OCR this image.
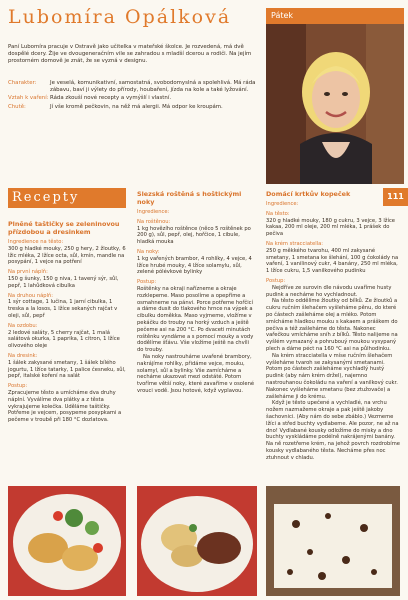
Lubomíra Opálková

Paní Lubomíra pracuje v Ostravě jako učitelka v mateřské školce. Je rozvedená, má dvě dospělé dcery. Žije ve dvougeneračním vile se zahradou s mladší dcerou a rodiči. Na jejím prostorném domově je znát, že se vyzná v designu.

Charakter:	Je veselá, komunikativní, samostatná, svobodomyslná a spolehlivá. Má ráda zábavu, baví ji výlety do přírody, houbaření, jízda na kole a také lyžování.
Vztah k vaření: Ráda zkouší nové recepty a vymýšlí i vlastní.
Chutě:	Jí vše kromě pečkovin, na něž má alergii. Má odpor ke kroupám.
Pátek
111
Recepty
Plněné taštičky se zeleninovou přízdobou a dresinkem
Ingredience na těsto:

300 g hladké mouky, 250 g hery, 2 žloutky, 6 lžic mléka, 2 lžíce octa, sůl, kmín, mandle na posypání, 1 vejce na potření

Na první náplň:

150 g šunky, 150 g niva, 1 tavený sýr, sůl, pepř, 1 lahůdková cibulka

Na druhou náplň:

1 sýr cottage, 1 lučina, 1 jarní cibulka, 1 treska a la losos, 1 lžíce sekaných rajčat v oleji, sůl, pepř

Na ozdobu:

2 ledové saláty, 5 cherry rajčat, 1 malá salátová okurka, 1 paprika, 1 citron, 1 lžíce olivového oleje

Na dresink:

1 šálek zakysané smetany, 1 šálek bílého jogurtu, 1 lžíce tatarky, 1 palice česneku, sůl, pepř, italské koření na salát

Postup:

Zpracujeme těsto a umícháme dva druhy náplní. Vyválíme dva plátky a z těsta vykrajujeme kolečka. Uděláme taštičky. Potřeme je vejcem, posypeme posypkami a pečeme v troubě při 180 °C dozlatova.

Slezská roštěná s hoštickými noky
Ingredience:
Na roštěnou:

1 kg hovězího roštěnce (něco 5 roštěnek po 200 g), sůl, pepř, olej, hořčice, 1 cibule, hladká mouka

Na noky:

1 kg vařených brambor, 4 rohlíky, 4 vejce, 4 lžíce hrubé mouky, 4 lžíce solamylu, sůl, zelené pólévkové bylinky

Postup:

Roštěnky na okraji nařízneme a okraje rozklepeme. Maso posolíme a opepříme a osmahneme na pánvi. Porce potřeme hořčicí a dáme dusit do tlakového hrnce na výpek a cibulku doměkka. Maso vyjmeme, vložíme v pekáčku do trouby na horký vzduch a ještě pečeme asi na 200 °C. Po dvaceti minutách roštěnku vyndáme a s pomocí mouky a vody dodělíme šťávu. Vše vložíme ještě na chvíli do trouby.

Na noky nastrouháme uvařené brambory, nakrájíme rohlíky, přidáme vejce, mouku, solamyl, sůl a bylinky. Vše zamícháme a necháme ukazovat mezi odstáté. Potom tvoříme větší noky, které zavaříme v osolené vrouci vodě. Jsou hotové, když vyplavou.

Domácí krtkův kopeček
Ingredience:
Na těsto:

320 g hladké mouky, 180 g cukru, 3 vejce, 3 lžíce kakaa, 200 ml oleje, 200 ml mléka, 1 prášek do pečiva

Na krém stracciatella:

250 g měkkého tvarohu, 400 ml zakysané smetany, 1 smetana ke šlehání, 100 g čokolády na vaření, 1 vanilinový cukr, 4 banány, 250 ml mléka, 1 lžíce cukru, 1,5 vanilkového pudinku

Postup:

Nejdříve ze surovin dle návodu uvaříme husty pudink a necháme ho vychladnout.

Na těsto oddělíme žloutky od bílků. Ze žloutků a cukru ručním šlehačem vyšleháme pěnu, do které po částech zašleháme olej a mléko. Potom smícháme hladkou mouku s kakaem a práškem do pečiva a též zašleháme do těsta. Nakonec vařečkou vmícháme sníh z bílků. Těsto nalijeme na vyšlém vymazaný a pohrubouý moukou vysypaný plech a dáme péct na 160 °C asi na půlhodinku.

Na krém stracciatella v míse ručním šlehačem vyšleháme tvaroh se zakysanými smetanami. Potom po částech zašleháme vychladlý hustý pudink (aby nám krém držel), najemno nastrouhanou čokoládu na vaření a vanilkový cukr. Nakonec vyšleháme smetanu (bez ztužovače) a zašleháme ji do krému.

Když je těsto upečené a vychladlé, na vrchu nožem nazmažeme okraje a pak ještě jakoby šachovnici. (Aby nám do sebe zbáblo.) Vezmeme lžíci a střed buchty vydlabeme. Ale pozor, ne až na dno! Vydlabané kousky odložíme do misky a dno buchty vyskládáme podélně nakrájenými banány. Na ně rozetřeme krém, na jehož povrch rozdrobíme kousky vydlabaného těsta. Necháme přes noc ztuhnout v chladu.
